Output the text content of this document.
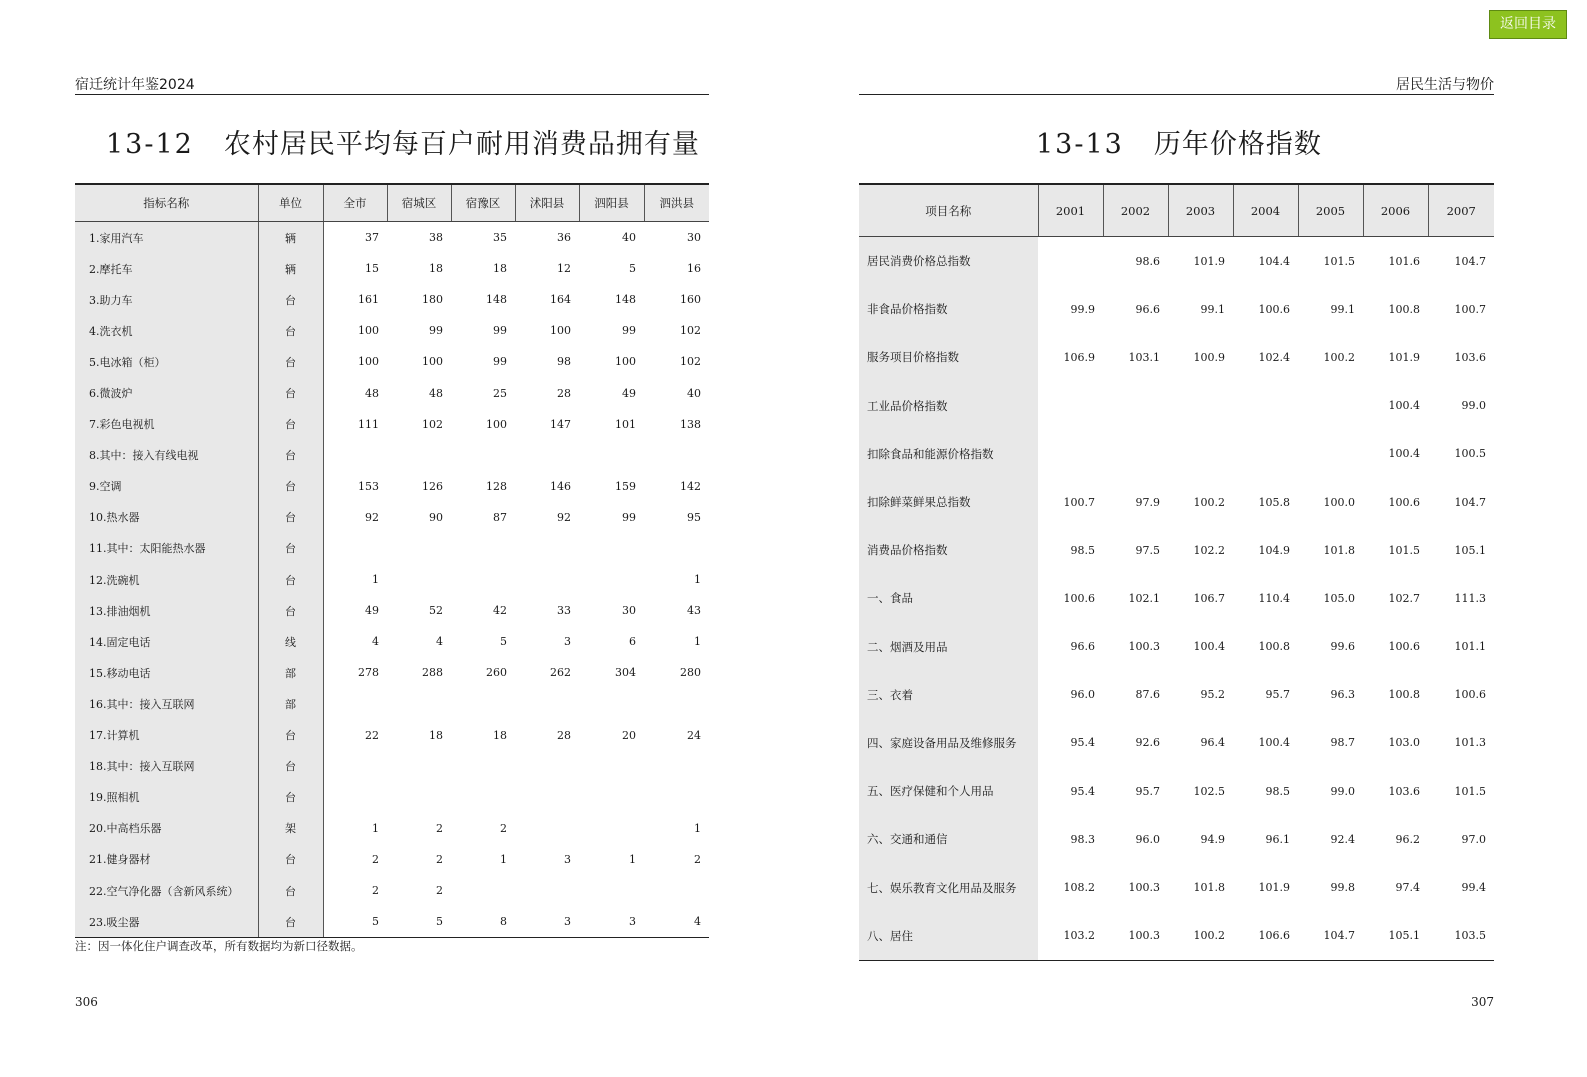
宿迁统计年鉴2024
13-12 农村居民平均每百户耐用消费品拥有量
指标名称	单位	全市	宿城区	宿豫区	沭阳县	泗阳县	泗洪县
1.家用汽车	辆	37	38	35	36	40	30
2.摩托车	辆	15	18	18	12	5	16
3.助力车	台	161	180	148	164	148	160
4.洗衣机	台	100	99	99	100	99	102
5.电冰箱（柜）	台	100	100	99	98	100	102
6.微波炉	台	48	48	25	28	49	40
7.彩色电视机	台	111	102	100	147	101	138
8.其中：接入有线电视	台						
9.空调	台	153	126	128	146	159	142
10.热水器	台	92	90	87	92	99	95
11.其中：太阳能热水器	台						
12.洗碗机	台	1					1
13.排油烟机	台	49	52	42	33	30	43
14.固定电话	线	4	4	5	3	6	1
15.移动电话	部	278	288	260	262	304	280
16.其中：接入互联网	部						
17.计算机	台	22	18	18	28	20	24
18.其中：接入互联网	台						
19.照相机	台						
20.中高档乐器	架	1	2	2			1
21.健身器材	台	2	2	1	3	1	2
22.空气净化器（含新风系统）	台	2	2				
23.吸尘器	台	5	5	8	3	3	4
注：因一体化住户调查改革，所有数据均为新口径数据。
306
返回目录
居民生活与物价
13-13 历年价格指数
项目名称	2001	2002	2003	2004	2005	2006	2007
居民消费价格总指数		98.6	101.9	104.4	101.5	101.6	104.7
非食品价格指数	99.9	96.6	99.1	100.6	99.1	100.8	100.7
服务项目价格指数	106.9	103.1	100.9	102.4	100.2	101.9	103.6
工业品价格指数						100.4	99.0
扣除食品和能源价格指数						100.4	100.5
扣除鲜菜鲜果总指数	100.7	97.9	100.2	105.8	100.0	100.6	104.7
消费品价格指数	98.5	97.5	102.2	104.9	101.8	101.5	105.1
一、食品	100.6	102.1	106.7	110.4	105.0	102.7	111.3
二、烟酒及用品	96.6	100.3	100.4	100.8	99.6	100.6	101.1
三、衣着	96.0	87.6	95.2	95.7	96.3	100.8	100.6
四、家庭设备用品及维修服务	95.4	92.6	96.4	100.4	98.7	103.0	101.3
五、医疗保健和个人用品	95.4	95.7	102.5	98.5	99.0	103.6	101.5
六、交通和通信	98.3	96.0	94.9	96.1	92.4	96.2	97.0
七、娱乐教育文化用品及服务	108.2	100.3	101.8	101.9	99.8	97.4	99.4
八、居住	103.2	100.3	100.2	106.6	104.7	105.1	103.5
307
